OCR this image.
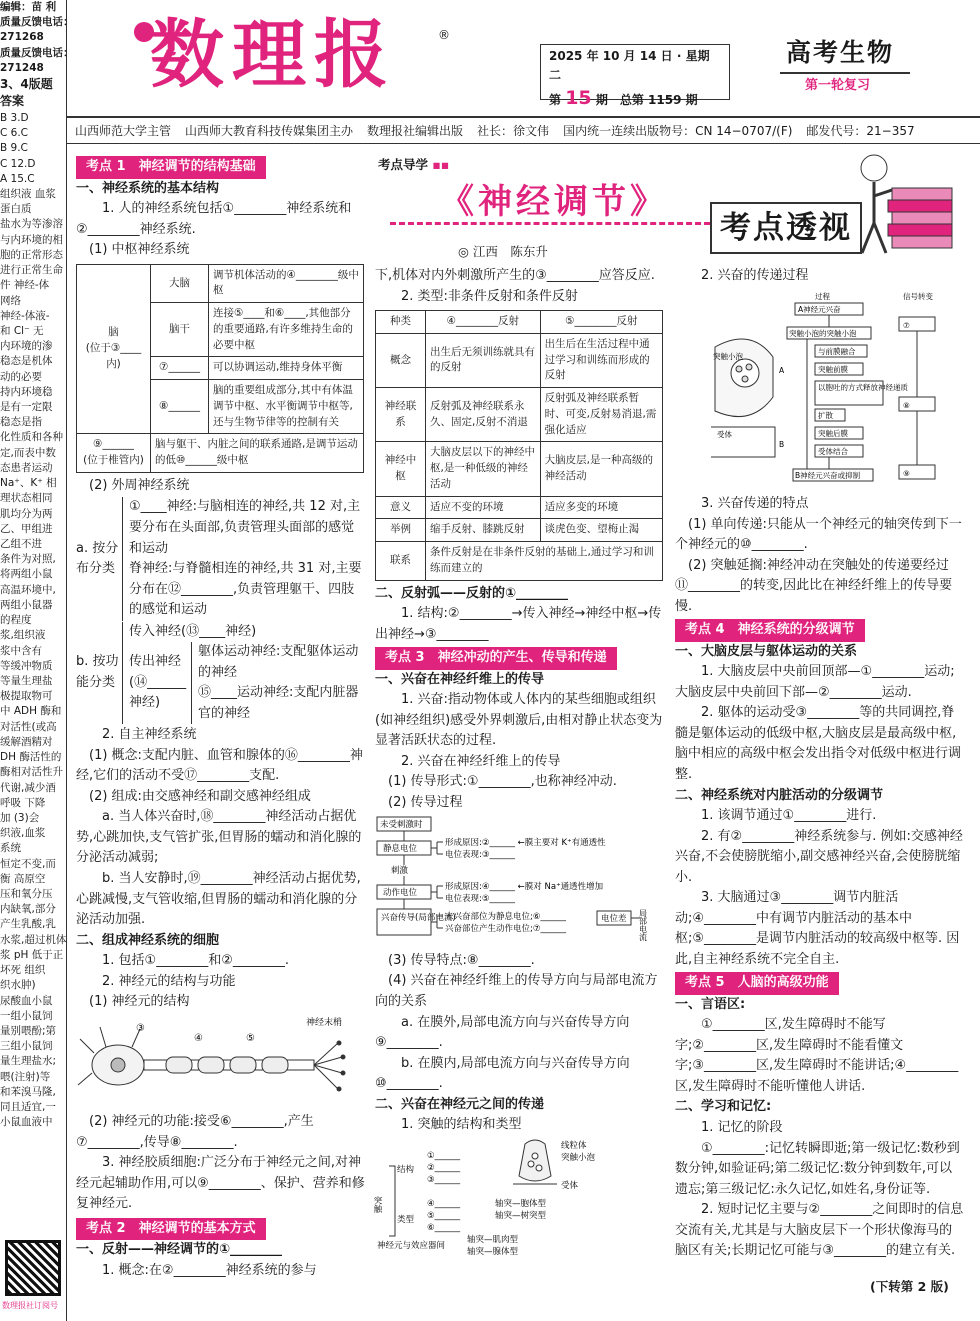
编辑：苗 利
质量反馈电话：
271268
质量反馈电话：
271248
3、4版题
答案
B 3.D
C 6.C
B 9.C
C 12.D
A 15.C
组织液 血浆
蛋白质
盐水为等渗溶
与内环境的相
胞的正常形态
进行正常生命
件 神经-体
网络
神经-体液-
和 Cl⁻ 无
内环境的渗
稳态是机体
动的必要
持内环境稳
是有一定限
稳态是指
化性质和各种
定,而表中数
态患者运动
Na⁺、K⁺ 相
理状态相同
肌均分为两
乙、甲组进
乙组不进
条件为对照,
将两组小鼠
高温环境中,
两组小鼠器
的程度
浆,组织液
浆中含有
等缓冲物质
等量生理盐
极提取物可
中 ADH 酶和
对活性(或高
缓解酒精对
DH 酶活性的
酶相对活性升
代谢,减少酒
呼吸 下降
加 (3)会
织液,血浆
系统
恒定不变,而
衡 高原空
压和氧分压
内缺氧,部分
产生乳酸,乳
水浆,超过机体
浆 pH 低于正
坏死 组织
织水肿)
尿酸血小鼠
一组小鼠饲
量别喂酚;第
三组小鼠饲
量生理盐水;
喂(注射)等
和苯溴马隆,
同且适宜,一
小鼠血液中
数理报社订阅号
数理报	®
2025 年 10 月 14 日 · 星期二
第 15 期　 总第 1159 期
高考生物
第一轮复习
山西师范大学主管 山西师大教育科技传媒集团主办 数理报社编辑出版 社长：徐文伟 国内统一连续出版物号：CN 14−0707/(F) 邮发代号：21−357
考点导学 ▪▪
《神经调节》
考点透视
◎ 江西　陈东升
考点 1　神经调节的结构基础

一、神经系统的基本结构

1. 人的神经系统包括①________神经系统和②________神经系统.

(1) 中枢神经系统

脑
(位于③____内)	大脑	调节机体活动的④________级中枢
	脑干	连接⑤____和⑥____,其他部分的重要通路,有许多维持生命的必要中枢
	⑦______	可以协调运动,维持身体平衡
	⑧______	脑的重要组成部分,其中有体温调节中枢、水平衡调节中枢等,还与生物节律等的控制有关
⑨______
(位于椎管内)	脑与躯干、内脏之间的联系通路,是调节运动的低⑩______级中枢	

(2) 外周神经系统

a. 按分布分类

①____神经:与脑相连的神经,共 12 对,主要分布在头面部,负责管理头面部的感觉和运动

脊神经:与脊髓相连的神经,共 31 对,主要分布在⑫________,负责管理躯干、四肢的感觉和运动

b. 按功能分类

传入神经(⑬____神经)

传出神经(⑭______神经)

躯体运动神经:支配躯体运动的神经

⑮____运动神经:支配内脏器官的神经

2. 自主神经系统

(1) 概念:支配内脏、血管和腺体的⑯________神经,它们的活动不受⑰________支配.

(2) 组成:由交感神经和副交感神经组成

a. 当人体兴奋时,⑱________神经活动占据优势,心跳加快,支气管扩张,但胃肠的蠕动和消化腺的分泌活动减弱;

b. 当人安静时,⑲________神经活动占据优势,心跳减慢,支气管收缩,但胃肠的蠕动和消化腺的分泌活动加强.

二、组成神经系统的细胞

1. 包括①________和②________.

2. 神经元的结构与功能

(1) 神经元的结构

③
④	⑤
神经末梢

(2) 神经元的功能:接受⑥________,产生⑦________,传导⑧________.

3. 神经胶质细胞:广泛分布于神经元之间,对神经元起辅助作用,可以⑨________、保护、营养和修复神经元.

考点 2　神经调节的基本方式

一、反射——神经调节的①________

1. 概念:在②________神经系统的参与

下,机体对内外刺激所产生的③________应答反应.

2. 类型:非条件反射和条件反射

种类	④________反射	⑤________反射
概念	出生后无须训练就具有的反射	出生后在生活过程中通过学习和训练而形成的反射
神经联系	反射弧及神经联系永久、固定,反射不消退	反射弧及神经联系暂时、可变,反射易消退,需强化适应
神经中枢	大脑皮层以下的神经中枢,是一种低级的神经活动	大脑皮层,是一种高级的神经活动
意义	适应不变的环境	适应多变的环境
举例	缩手反射、膝跳反射	谈虎色变、望梅止渴
联系	条件反射是在非条件反射的基础上,通过学习和训练而建立的	

二、反射弧——反射的①________

1. 结构:②________→传入神经→神经中枢→传出神经→③________

考点 3　神经冲动的产生、传导和传递

一、兴奋在神经纤维上的传导

1. 兴奋:指动物体或人体内的某些细胞或组织(如神经组织)感受外界刺激后,由相对静止状态变为显著活跃状态的过程.

2. 兴奋在神经纤维上的传导

(1) 传导形式:①________,也称神经冲动.

(2) 传导过程

未受刺激时
静息电位
刺激
动作电位
兴奋传导(局部电流)
形成原因:②______ ←膜主要对 K⁺有通透性
电位表现:③______
形成原因:④______ ←膜对 Na⁺通透性增加
电位表现:⑤______
未兴奋部位为静息电位;⑥______
兴奋部位产生动作电位;⑦______
电位差 局部电流

(3) 传导特点:⑧________.

(4) 兴奋在神经纤维上的传导方向与局部电流方向的关系

a. 在膜外,局部电流方向与兴奋传导方向⑨________.

b. 在膜内,局部电流方向与兴奋传导方向⑩________.

二、兴奋在神经元之间的传递

1. 突触的结构和类型

突触
结构
类型
①______
②______
③______
④______
⑤______
⑥______
线粒体
突触小泡
受体
轴突—胞体型
轴突—树突型
神经元与效应器间
轴突—肌肉型
轴突—腺体型

2. 兴奋的传递过程

过程	信号转变
A神经元兴奋
突触小泡的突触小泡
与前膜融合
突触前膜
以胞吐的方式释放神经递质
扩散
突触后膜
受体结合
B神经元兴奋或抑制
⑦
⑧
⑨
突触小泡
A
B
受体

3. 兴奋传递的特点

(1) 单向传递:只能从一个神经元的轴突传到下一个神经元的⑩________.

(2) 突触延搁:神经冲动在突触处的传递要经过⑪________的转变,因此比在神经纤维上的传导要慢.

考点 4　神经系统的分级调节

一、大脑皮层与躯体运动的关系

1. 大脑皮层中央前回顶部—①________运动;大脑皮层中央前回下部—②________运动.

2. 躯体的运动受③________等的共同调控,脊髓是躯体运动的低级中枢,大脑皮层是最高级中枢,脑中相应的高级中枢会发出指令对低级中枢进行调整.

二、神经系统对内脏活动的分级调节

1. 该调节通过①________进行.

2. 有②________神经系统参与. 例如:交感神经兴奋,不会使膀胱缩小,副交感神经兴奋,会使膀胱缩小.

3. 大脑通过③________调节内脏活动;④________中有调节内脏活动的基本中枢;⑤________是调节内脏活动的较高级中枢等. 因此,自主神经系统不完全自主.

考点 5　人脑的高级功能

一、言语区:

①________区,发生障碍时不能写字;②________区,发生障碍时不能看懂文字;③________区,发生障碍时不能讲话;④________区,发生障碍时不能听懂他人讲话.

二、学习和记忆:

1. 记忆的阶段

①________:记忆转瞬即逝;第一级记忆:数秒到数分钟,如验证码;第二级记忆:数分钟到数年,可以遗忘;第三级记忆:永久记忆,如姓名,身份证等.

2. 短时记忆主要与②________之间即时的信息交流有关,尤其是与大脑皮层下一个形状像海马的脑区有关;长期记忆可能与③________的建立有关.

(下转第 2 版)
